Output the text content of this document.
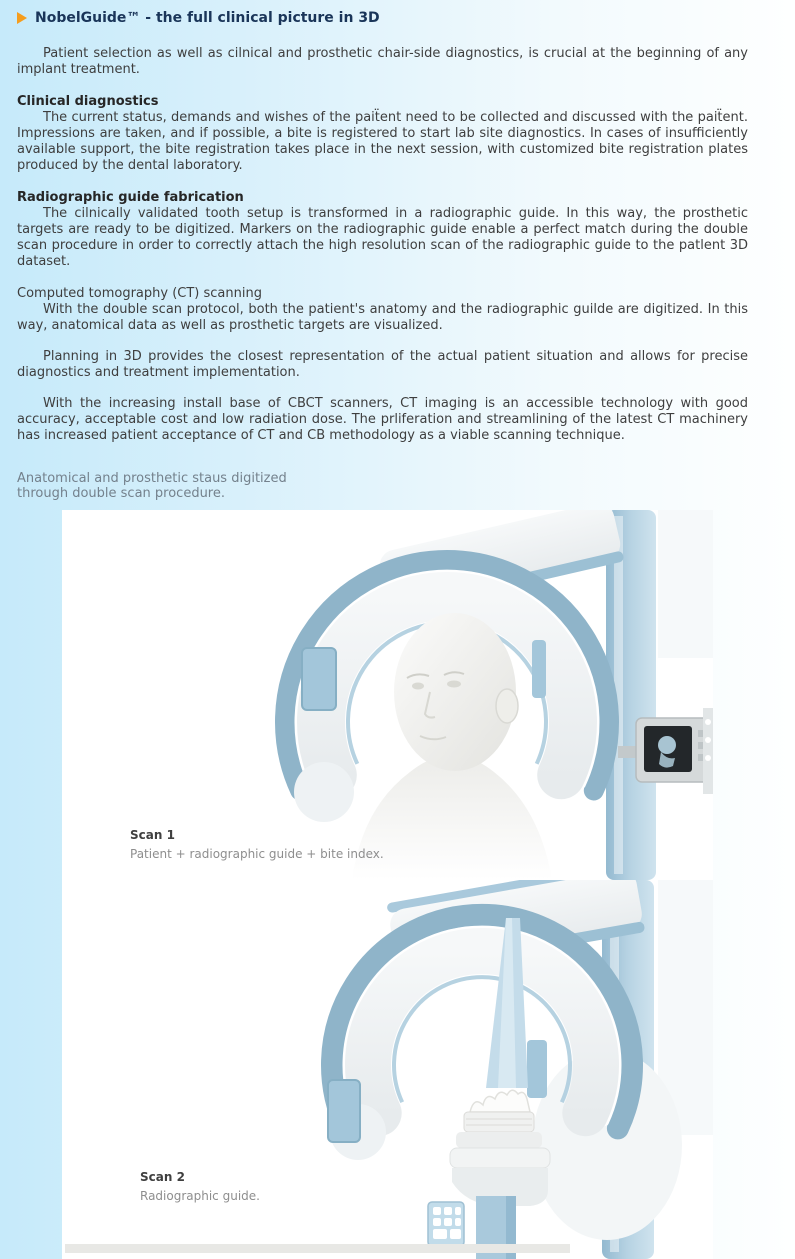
NobelGuide™ - the full clinical picture in 3D

Patient selection as well as cilnical and prosthetic chair-side diagnostics, is crucial at the beginning of any implant treatment.

Clinical diagnostics

The current status, demands and wishes of the paiẗent need to be collected and discussed with the paiẗent. Impressions are taken, and if possible, a bite is registered to start lab site diagnostics. In cases of insufficiently available support, the bite registration takes place in the next session, with customized bite registration plates produced by the dental laboratory.

Radiographic guide fabrication

The cilnically validated tooth setup is transformed in a radiographic guide. In this way, the prosthetic targets are ready to be digitized. Markers on the radiographic guide enable a perfect match during the double scan procedure in order to correctly attach the high resolution scan of the radiographic guide to the patlent 3D dataset.

Computed tomography (CT) scanning

With the double scan protocol, both the patient's anatomy and the radiographic guilde are digitized. In this way, anatomical data as well as prosthetic targets are visualized.

Planning in 3D provides the closest representation of the actual patient situation and allows for precise diagnostics and treatment implementation.

With the increasing install base of CBCT scanners, CT imaging is an accessible technology with good accuracy, acceptable cost and low radiation dose. The prliferation and streamlining of the latest CT machinery has increased patient acceptance of CT and CB methodology as a viable scanning technique.

Anatomical and prosthetic staus digitized through double scan procedure.

Scan 1
Patient + radiographic guide + bite index.
Scan 2
Radiographic guide.
